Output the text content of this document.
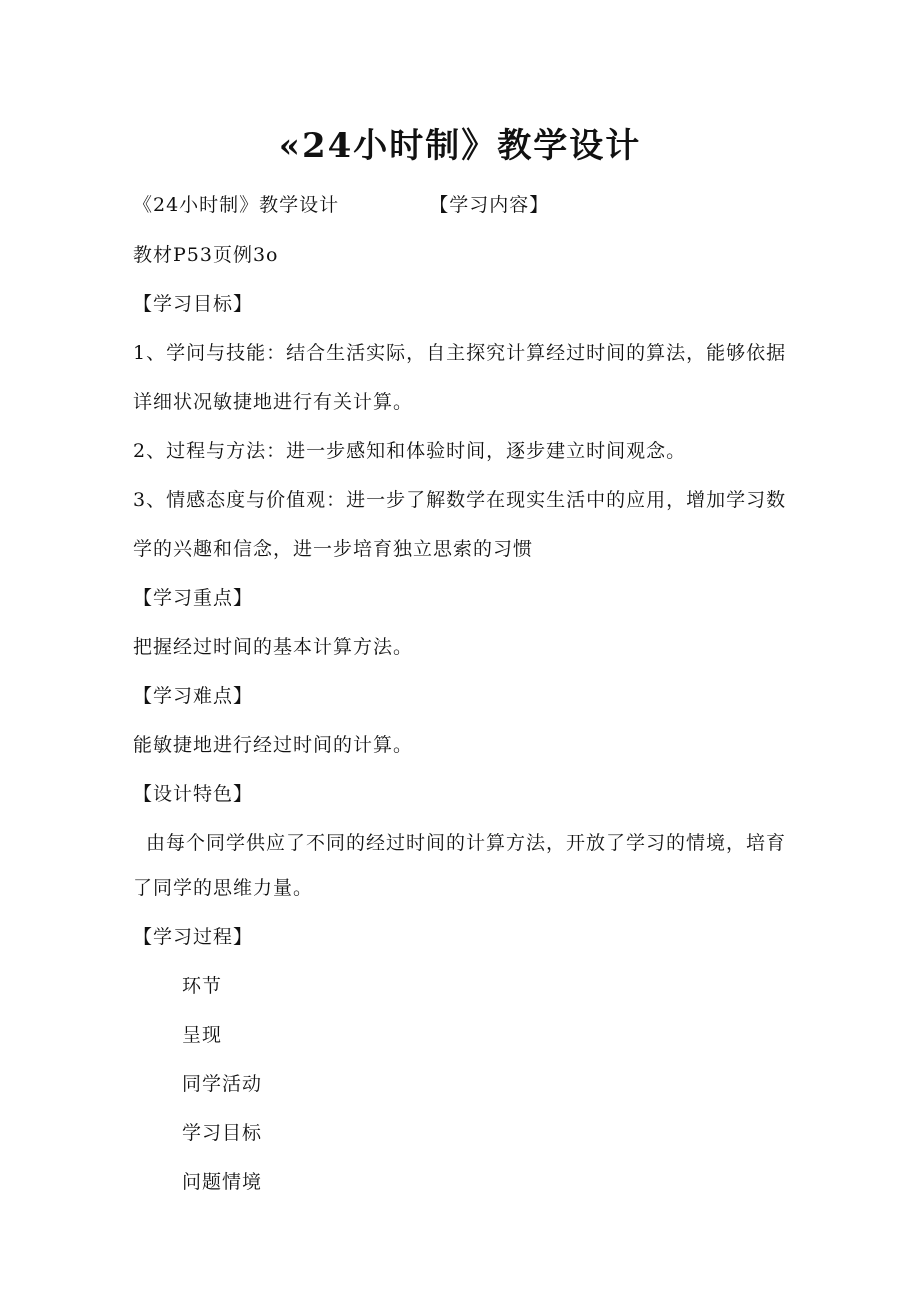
«24小时制》教学设计
《24小时制》教学设计	【学习内容】
教材P53页例3o
【学习目标】
1、学问与技能：结合生活实际，自主探究计算经过时间的算法，能够依据
详细状况敏捷地进行有关计算。
2、过程与方法：进一步感知和体验时间，逐步建立时间观念。
3、情感态度与价值观：进一步了解数学在现实生活中的应用，增加学习数
学的兴趣和信念，进一步培育独立思索的习惯
【学习重点】
把握经过时间的基本计算方法。
【学习难点】
能敏捷地进行经过时间的计算。
【设计特色】
由每个同学供应了不同的经过时间的计算方法，开放了学习的情境，培育
了同学的思维力量。
【学习过程】
环节
呈现
同学活动
学习目标
问题情境
